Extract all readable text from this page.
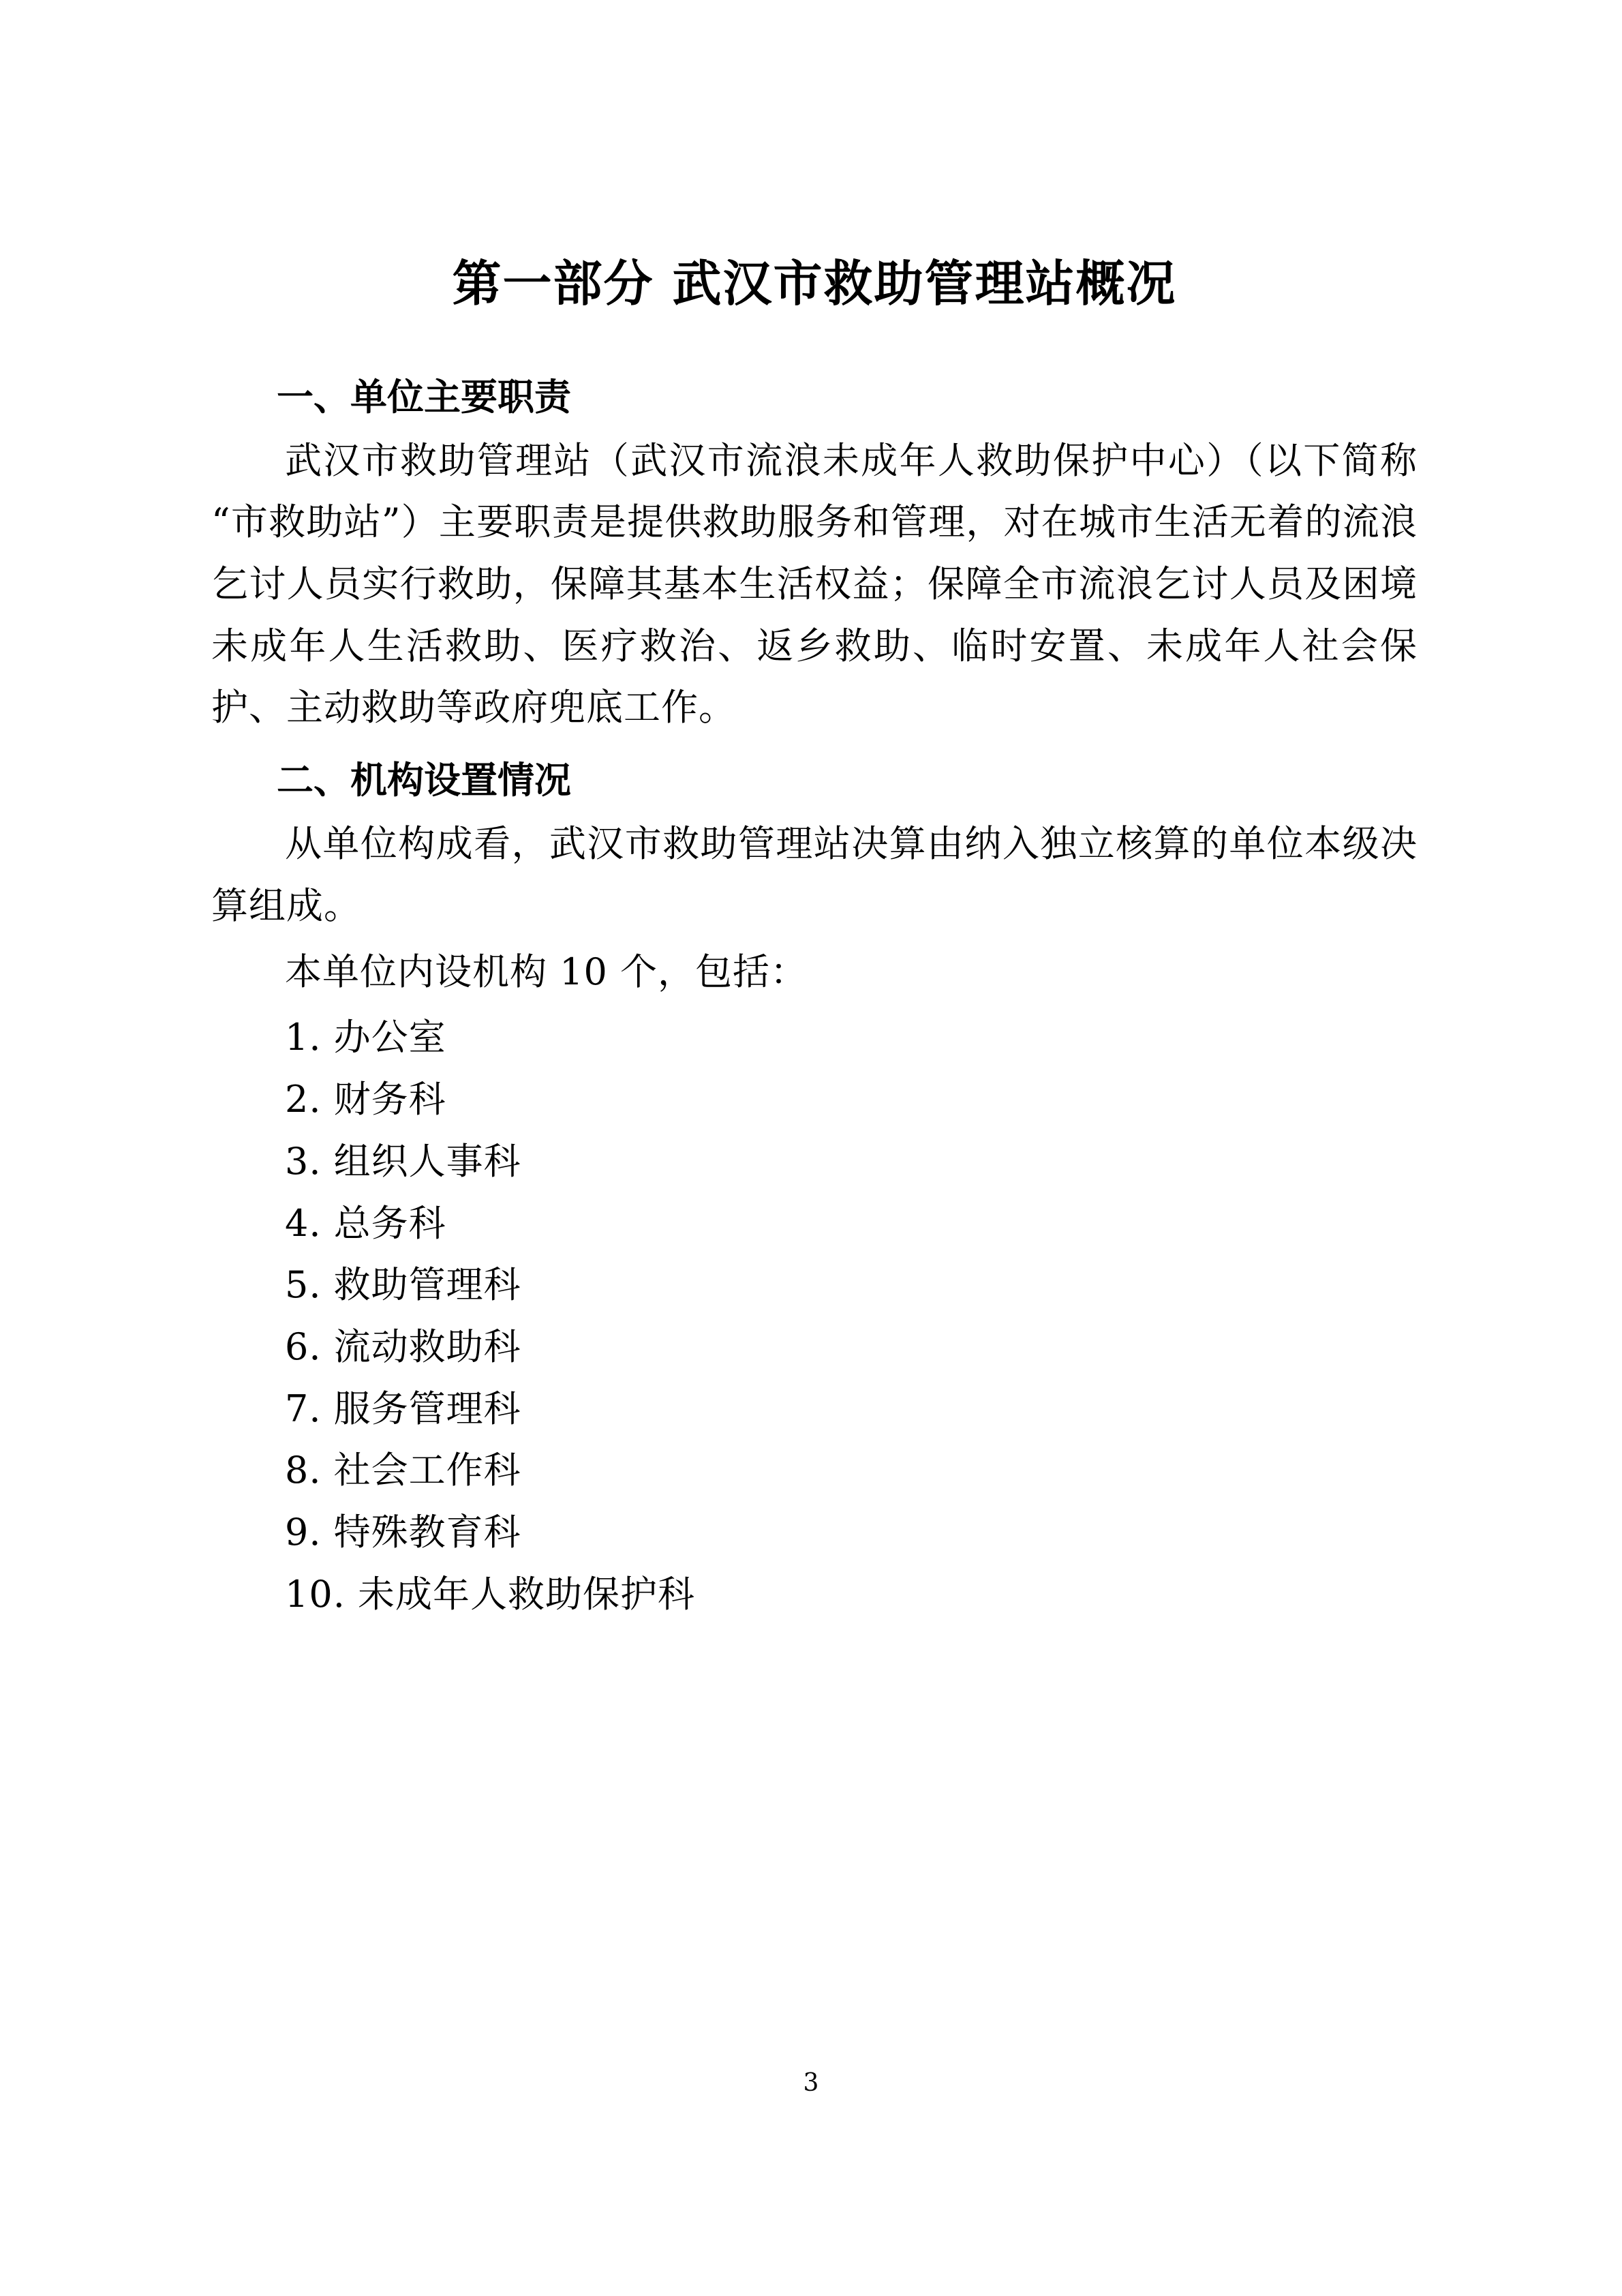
第一部分 武汉市救助管理站概况
一、单位主要职责

武汉市救助管理站（武汉市流浪未成年人救助保护中心）（以下简称“市救助站”）主要职责是提供救助服务和管理，对在城市生活无着的流浪乞讨人员实行救助，保障其基本生活权益；保障全市流浪乞讨人员及困境未成年人生活救助、医疗救治、返乡救助、临时安置、未成年人社会保护、主动救助等政府兜底工作。

二、机构设置情况

从单位构成看，武汉市救助管理站决算由纳入独立核算的单位本级决算组成。

本单位内设机构 10 个，包括：

1. 办公室
2. 财务科
3. 组织人事科
4. 总务科
5. 救助管理科
6. 流动救助科
7. 服务管理科
8. 社会工作科
9. 特殊教育科
10. 未成年人救助保护科
3
